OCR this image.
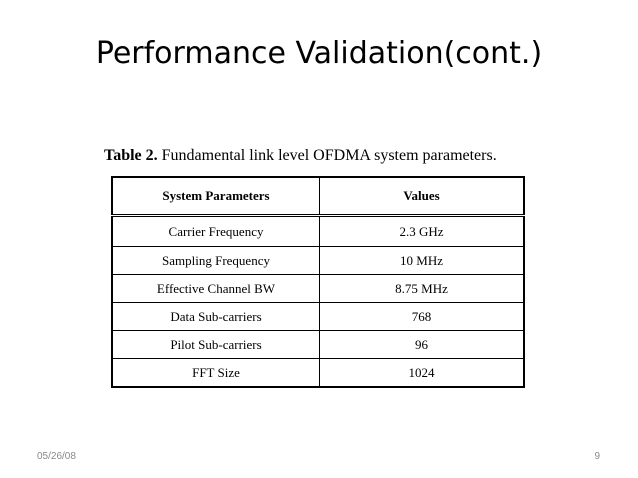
Performance Validation(cont.)
Table 2. Fundamental link level OFDMA system parameters.
System Parameters	Values
Carrier Frequency	2.3 GHz
Sampling Frequency	10 MHz
Effective Channel BW	8.75 MHz
Data Sub-carriers	768
Pilot Sub-carriers	96
FFT Size	1024
05/26/08	9
